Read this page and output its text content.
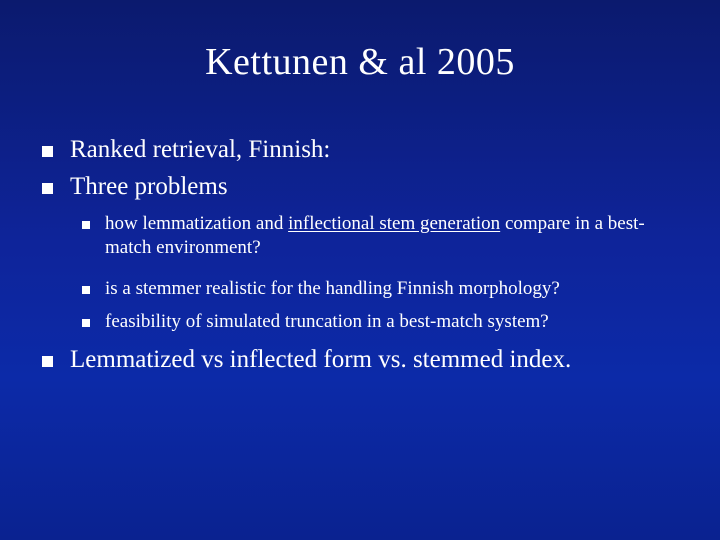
Kettunen & al 2005
Ranked retrieval, Finnish:
Three problems
how lemmatization and inflectional stem generation compare in a best-match environment?
is a stemmer realistic for the handling Finnish morphology?
feasibility of simulated truncation in a best-match system?
Lemmatized vs inflected form vs. stemmed index.
